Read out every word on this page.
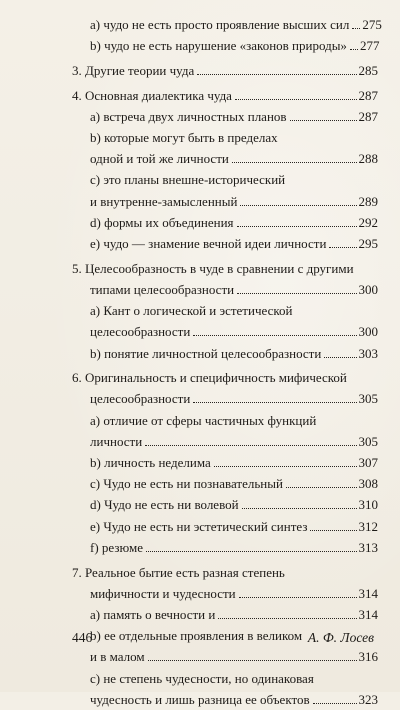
a) чудо не есть просто проявление высших сил 275
b) чудо не есть нарушение «законов природы» 277
3. Другие теории чуда	285
4. Основная диалектика чуда	287
a) встреча двух личностных планов	287
b) которые могут быть в пределах
одной и той же личности	288
c) это планы внешне-исторический
и внутренне-замысленный	289
d) формы их объединения	292
e) чудо — знамение вечной идеи личности 295
5. Целесообразность в чуде в сравнении с другими
типами целесообразности	300
a) Кант о логической и эстетической
целесообразности	300
b) понятие личностной целесообразности	303
6. Оригинальность и специфичность мифической
целесообразности	305
a) отличие от сферы частичных функций
личности	305
b) личность неделима	307
c) Чудо не есть ни познавательный	308
d) Чудо не есть ни волевой	310
e) Чудо не есть ни эстетический синтез	312
f) резюме	313
7. Реальное бытие есть разная степень
мифичности и чудесности	314
a) память о вечности и	314
b) ее отдельные проявления в великом
и в малом	316
c) не степень чудесности, но одинаковая
чудесность и лишь разница ее объектов	323
446	А. Ф. Лосев
